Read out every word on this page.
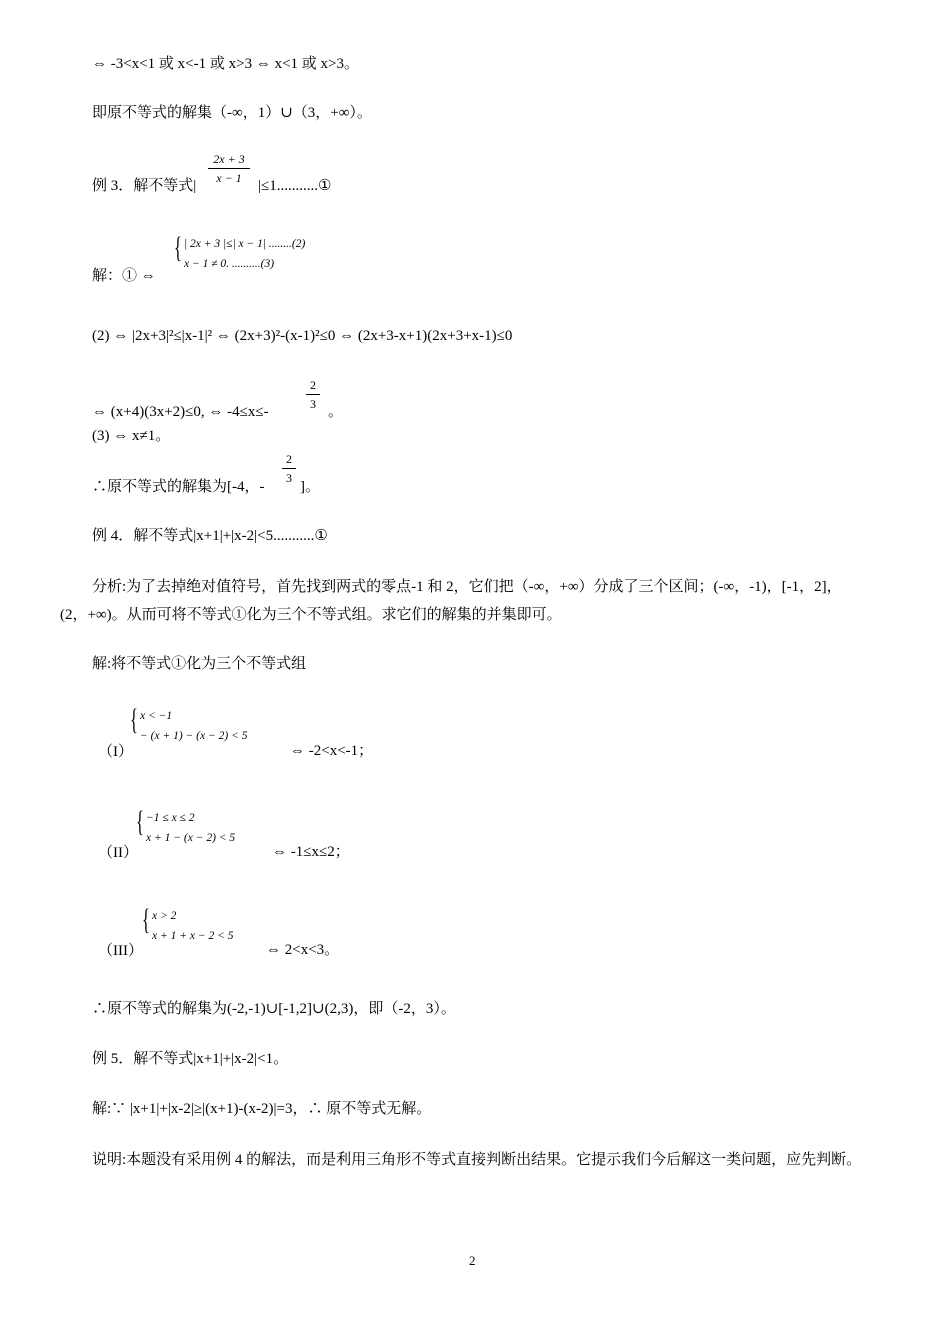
⇔ -3<x<1 或 x<-1 或 x>3 ⇔ x<1 或 x>3。
即原不等式的解集（-∞，1）∪（3，+∞）。
例 3．解不等式|
2x + 3
x − 1	|≤1...........①
解：① ⇔
{ | 2x + 3 |≤| x − 1| ........(2)
x − 1 ≠ 0. ..........(3)
(2) ⇔ |2x+3|²≤|x-1|² ⇔ (2x+3)²-(x-1)²≤0 ⇔ (2x+3-x+1)(2x+3+x-1)≤0
⇔ (x+4)(3x+2)≤0, ⇔ -4≤x≤-
2
3 。
(3) ⇔ x≠1。
∴原不等式的解集为[-4，-
2
3
]。
例 4．解不等式|x+1|+|x-2|<5...........①
分析:为了去掉绝对值符号，首先找到两式的零点-1 和 2，它们把（-∞，+∞）分成了三个区间；(-∞，-1)，[-1，2]，(2，+∞)。从而可将不等式①化为三个不等式组。求它们的解集的并集即可。
解:将不等式①化为三个不等式组
（I）
{ x < −1
− (x + 1) − (x − 2) < 5
⇔ -2<x<-1；
（II）
{ −1 ≤ x ≤ 2
x + 1 − (x − 2) < 5
⇔ -1≤x≤2；
（III）
{ x > 2
x + 1 + x − 2 < 5
⇔ 2<x<3。
∴原不等式的解集为(-2,-1)∪[-1,2]∪(2,3)，即（-2，3）。
例 5．解不等式|x+1|+|x-2|<1。
解:∵ |x+1|+|x-2|≥|(x+1)-(x-2)|=3，∴ 原不等式无解。
说明:本题没有采用例 4 的解法，而是利用三角形不等式直接判断出结果。它提示我们今后解这一类问题，应先判断。
2
